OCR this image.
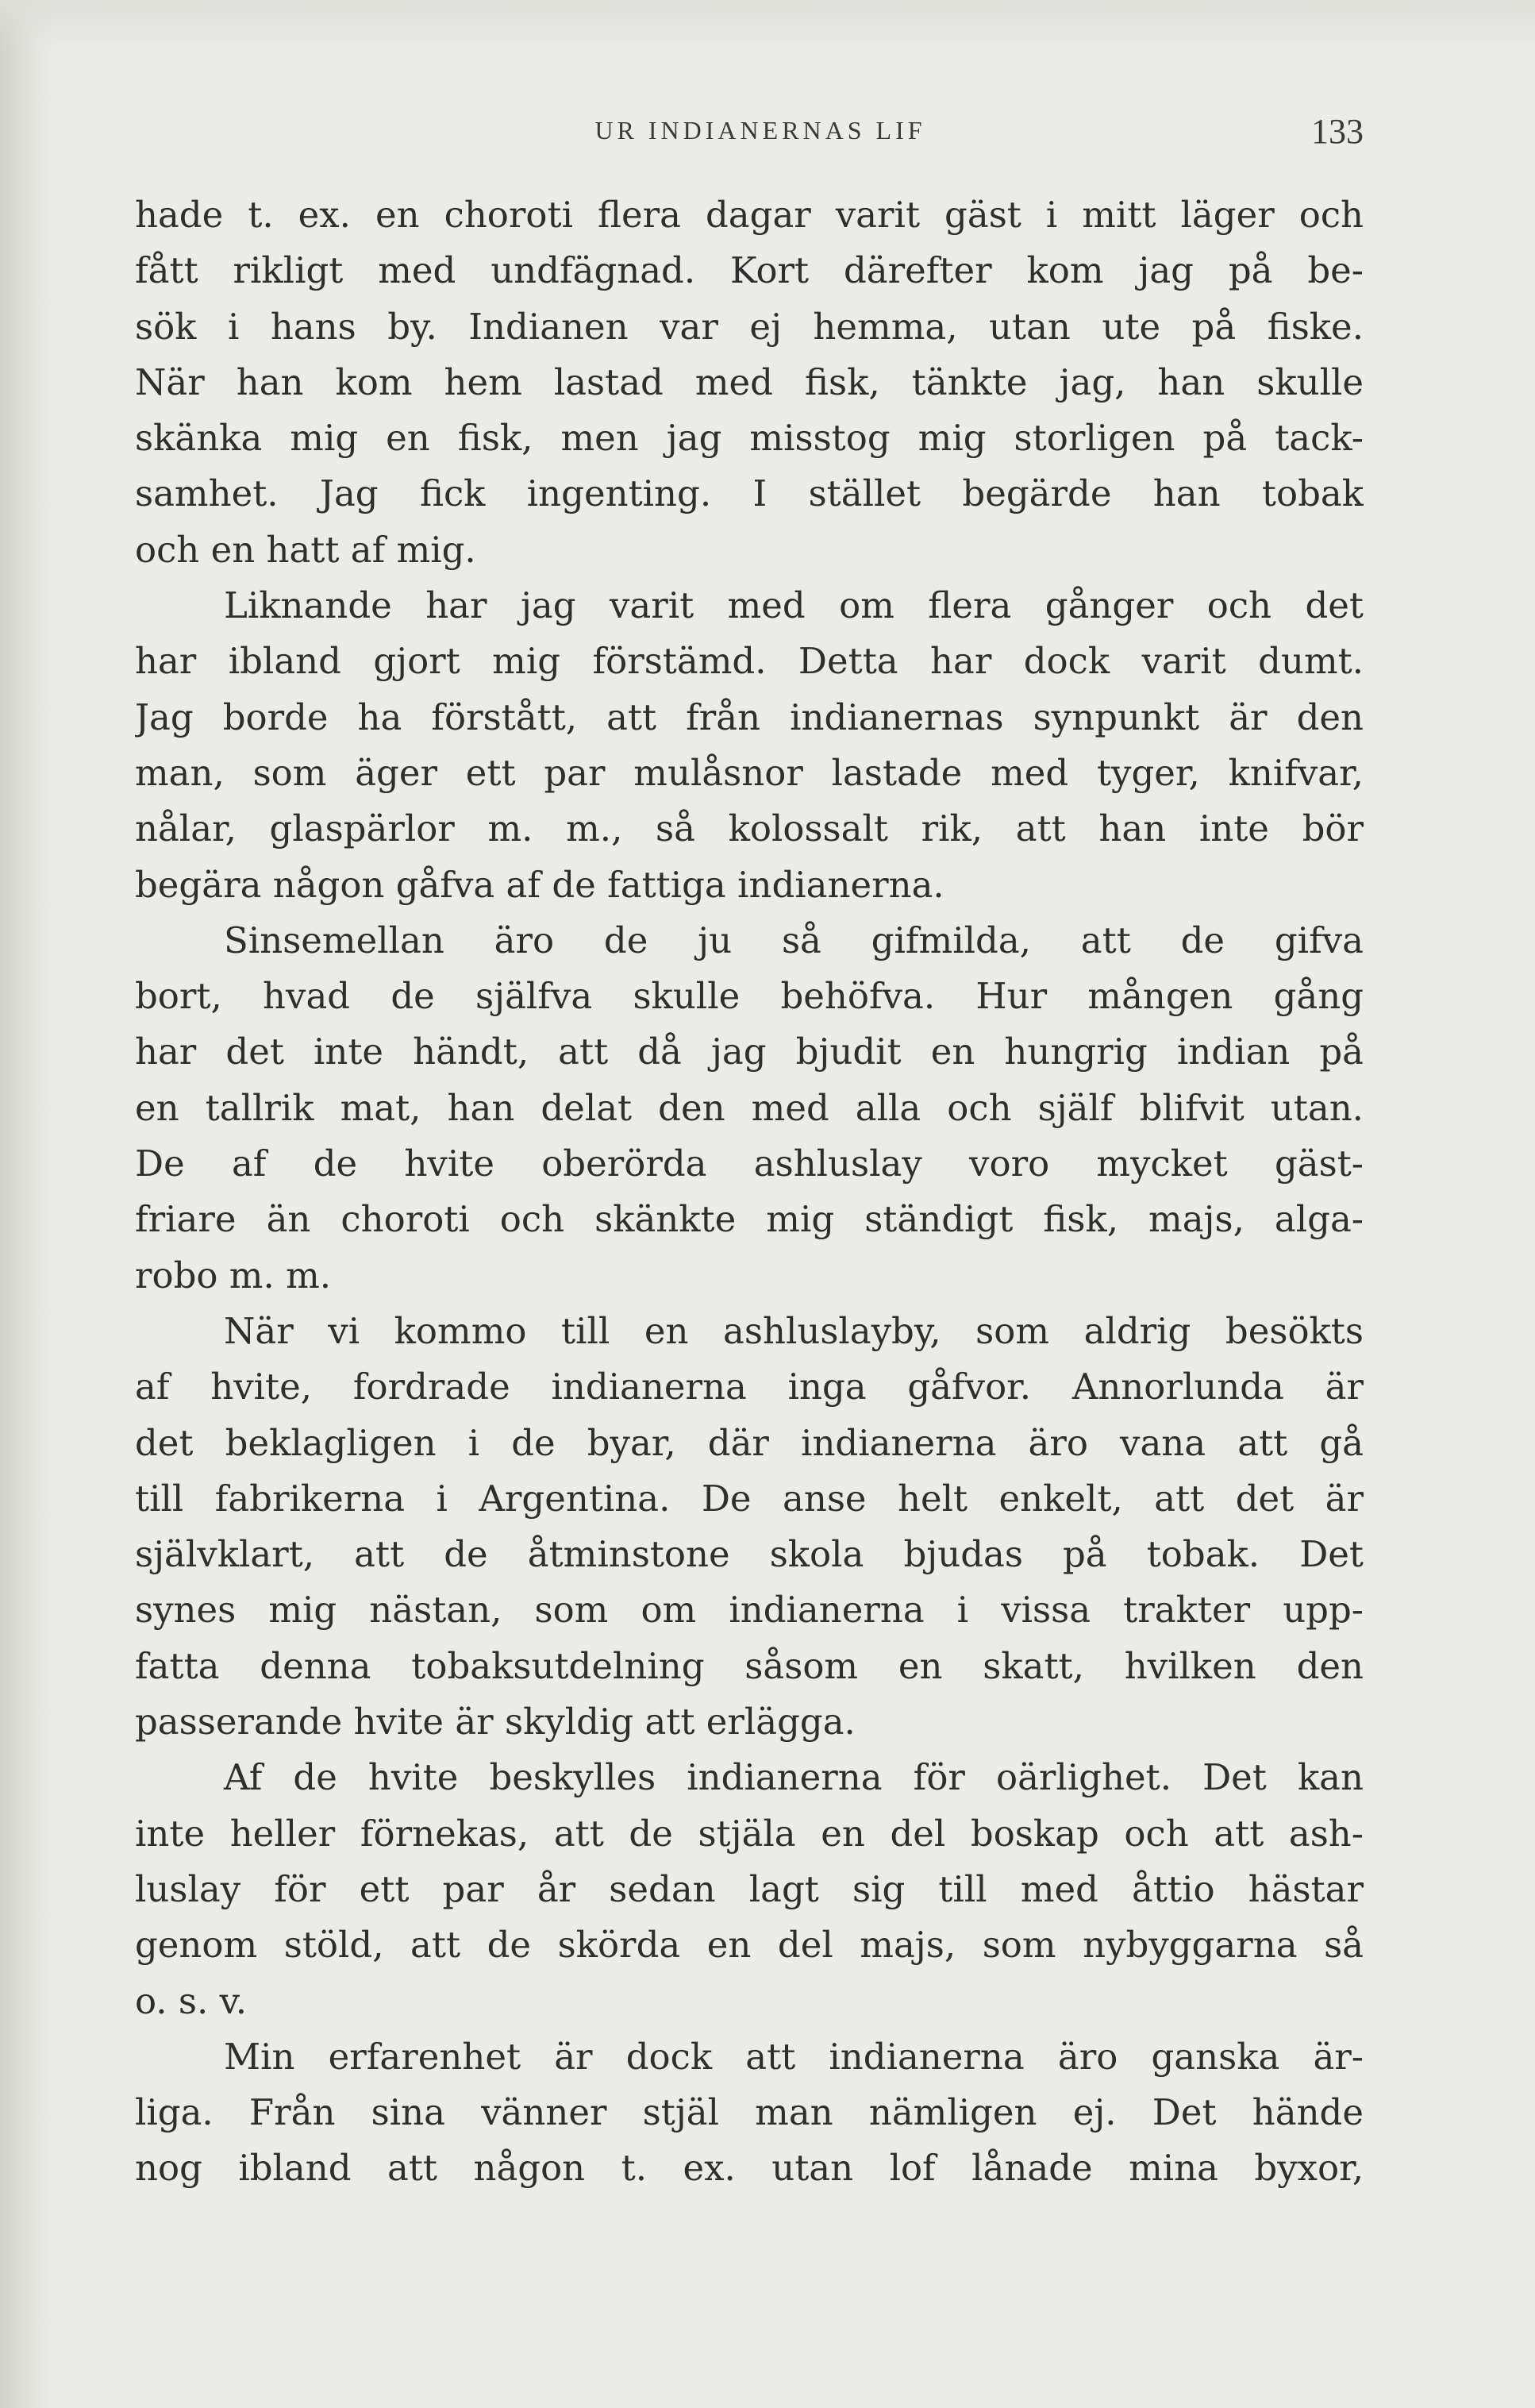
UR INDIANERNAS LIF	133
hade t. ex. en choroti flera dagar varit gäst i mitt läger och
fått rikligt med undfägnad. Kort därefter kom jag på be-
sök i hans by. Indianen var ej hemma, utan ute på fiske.
När han kom hem lastad med fisk, tänkte jag, han skulle
skänka mig en fisk, men jag misstog mig storligen på tack-
samhet. Jag fick ingenting. I stället begärde han tobak
och en hatt af mig.
Liknande har jag varit med om flera gånger och det
har ibland gjort mig förstämd. Detta har dock varit dumt.
Jag borde ha förstått, att från indianernas synpunkt är den
man, som äger ett par mulåsnor lastade med tyger, knifvar,
nålar, glaspärlor m. m., så kolossalt rik, att han inte bör
begära någon gåfva af de fattiga indianerna.
Sinsemellan äro de ju så gifmilda, att de gifva
bort, hvad de själfva skulle behöfva. Hur mången gång
har det inte händt, att då jag bjudit en hungrig indian på
en tallrik mat, han delat den med alla och själf blifvit utan.
De af de hvite oberörda ashluslay voro mycket gäst-
friare än choroti och skänkte mig ständigt fisk, majs, alga-
robo m. m.
När vi kommo till en ashluslayby, som aldrig besökts
af hvite, fordrade indianerna inga gåfvor. Annorlunda är
det beklagligen i de byar, där indianerna äro vana att gå
till fabrikerna i Argentina. De anse helt enkelt, att det är
självklart, att de åtminstone skola bjudas på tobak. Det
synes mig nästan, som om indianerna i vissa trakter upp-
fatta denna tobaksutdelning såsom en skatt, hvilken den
passerande hvite är skyldig att erlägga.
Af de hvite beskylles indianerna för oärlighet. Det kan
inte heller förnekas, att de stjäla en del boskap och att ash-
luslay för ett par år sedan lagt sig till med åttio hästar
genom stöld, att de skörda en del majs, som nybyggarna så
o. s. v.
Min erfarenhet är dock att indianerna äro ganska är-
liga. Från sina vänner stjäl man nämligen ej. Det hände
nog ibland att någon t. ex. utan lof lånade mina byxor,
